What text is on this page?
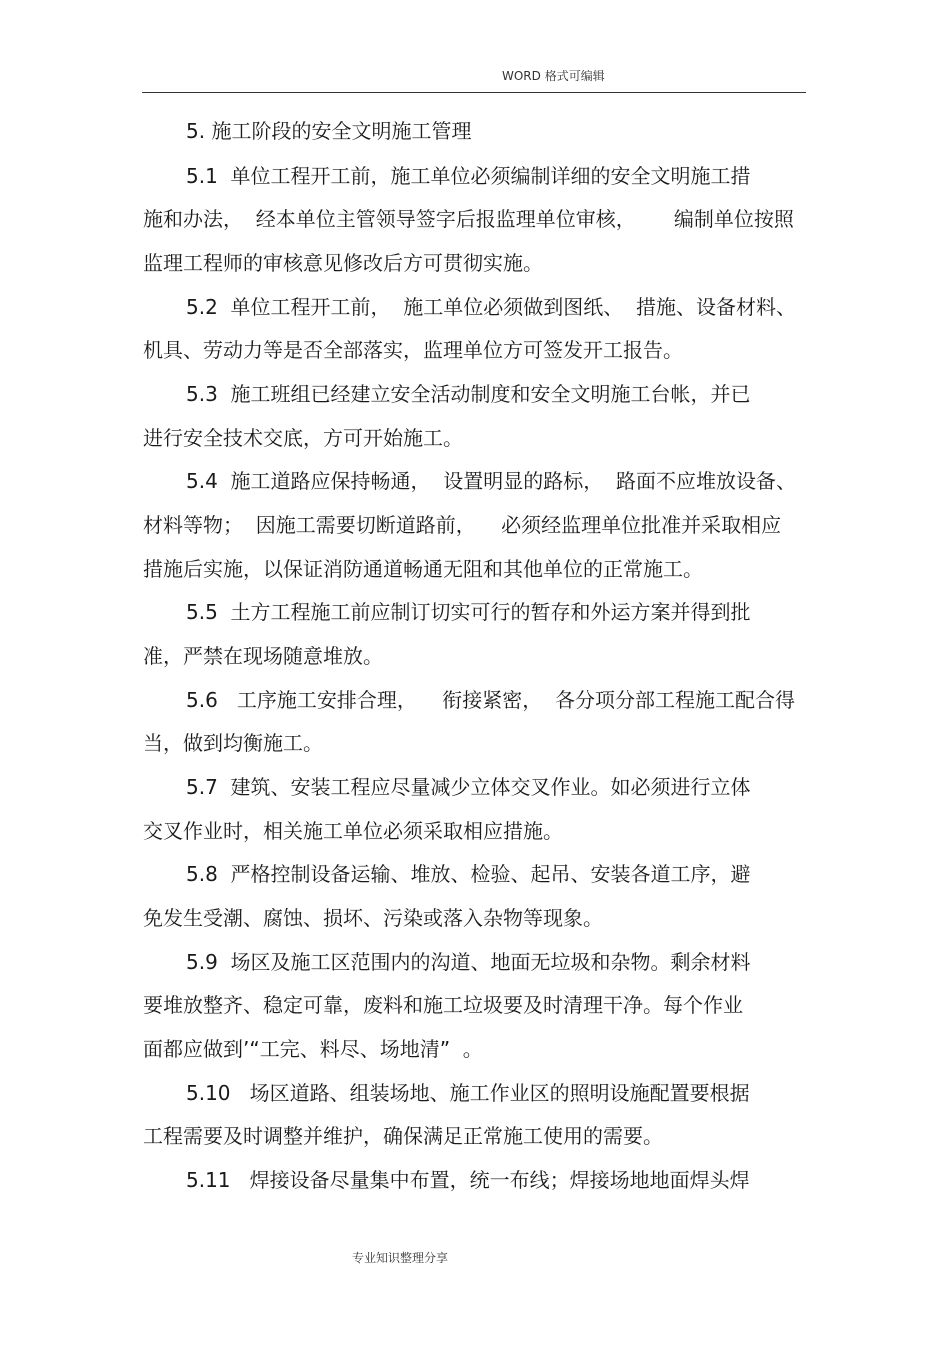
WORD 格式可编辑
5. 施工阶段的安全文明施工管理
5.1  单位工程开工前，施工单位必须编制详细的安全文明施工措
施和办法，  经本单位主管领导签字后报监理单位审核，      编制单位按照
监理工程师的审核意见修改后方可贯彻实施。
5.2  单位工程开工前，  施工单位必须做到图纸、  措施、设备材料、
机具、劳动力等是否全部落实，监理单位方可签发开工报告。
5.3  施工班组已经建立安全活动制度和安全文明施工台帐，并已
进行安全技术交底，方可开始施工。
5.4  施工道路应保持畅通，  设置明显的路标，  路面不应堆放设备、
材料等物；  因施工需要切断道路前，    必须经监理单位批准并采取相应
措施后实施，以保证消防通道畅通无阻和其他单位的正常施工。
5.5  土方工程施工前应制订切实可行的暂存和外运方案并得到批
准，严禁在现场随意堆放。
5.6   工序施工安排合理，    衔接紧密，  各分项分部工程施工配合得
当，做到均衡施工。
5.7  建筑、安装工程应尽量减少立体交叉作业。如必须进行立体
交叉作业时，相关施工单位必须采取相应措施。
5.8  严格控制设备运输、堆放、检验、起吊、安装各道工序，避
免发生受潮、腐蚀、损坏、污染或落入杂物等现象。
5.9  场区及施工区范围内的沟道、地面无垃圾和杂物。剩余材料
要堆放整齐、稳定可靠，废料和施工垃圾要及时清理干净。每个作业
面都应做到’“工完、料尽、场地清”  。
5.10   场区道路、组装场地、施工作业区的照明设施配置要根据
工程需要及时调整并维护，确保满足正常施工使用的需要。
5.11   焊接设备尽量集中布置，统一布线；焊接场地地面焊头焊
专业知识整理分享
